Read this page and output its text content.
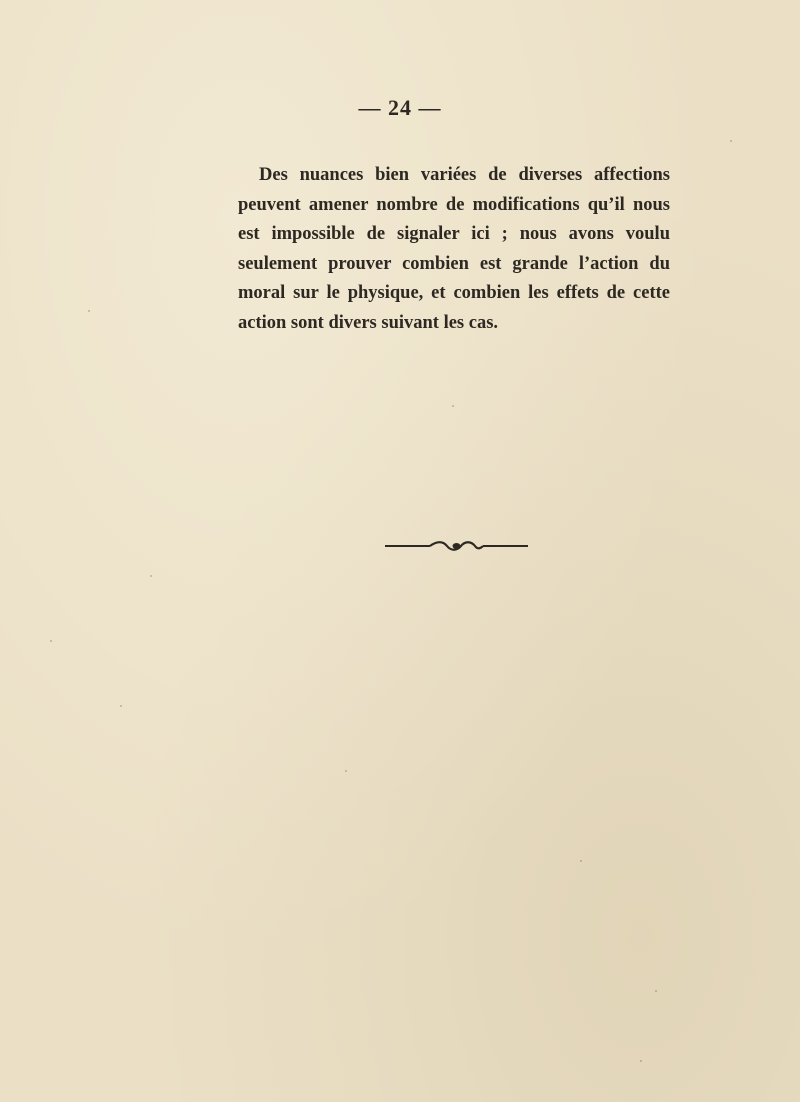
— 24 —

Des nuances bien variées de diverses affections peuvent amener nombre de modifications qu’il nous est impossible de signaler ici ; nous avons voulu seulement prouver combien est grande l’action du moral sur le physique, et combien les effets de cette action sont divers suivant les cas.
